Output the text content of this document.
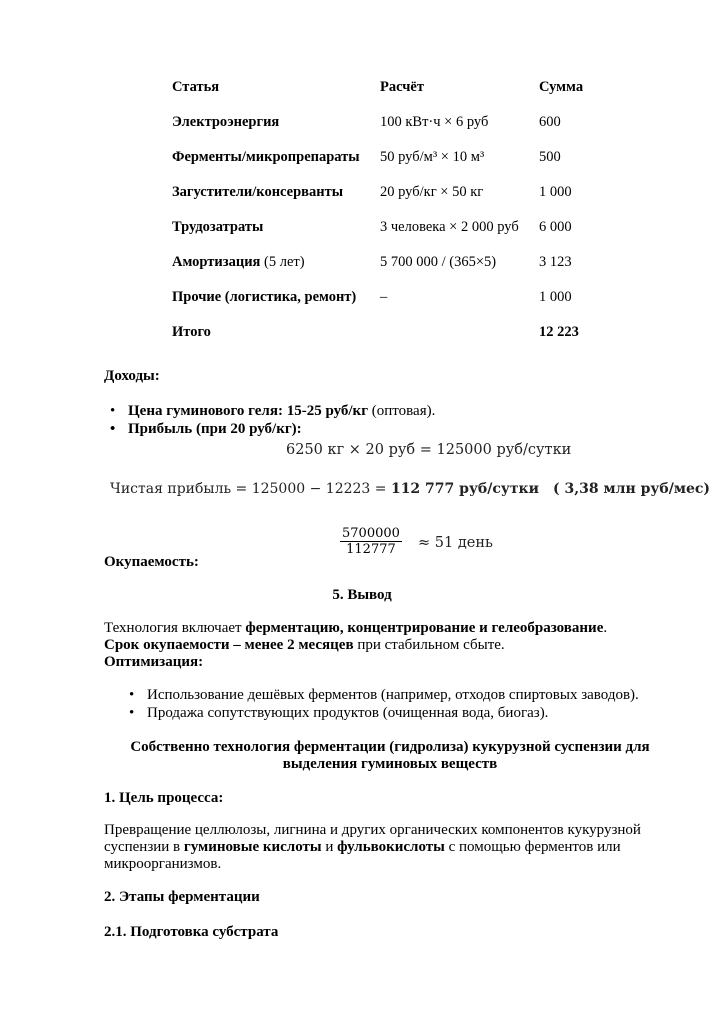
Статья	Расчёт	Сумма
Электроэнергия	100 кВт·ч × 6 руб	600
Ферменты/микропрепараты	50 руб/м³ × 10 м³	500
Загустители/консерванты	20 руб/кг × 50 кг	1 000
Трудозатраты	3 человека × 2 000 руб	6 000
Амортизация (5 лет)	5 700 000 / (365×5)	3 123
Прочие (логистика, ремонт)	–	1 000
Итого		12 223
Доходы:
• Цена гуминового геля: 15-25 руб/кг (оптовая).
• Прибыль (при 20 руб/кг):
6250 кг × 20 руб = 125000 руб/сутки
Чистая прибыль = 125000 − 12223 = 112 777 руб/сутки ( 3,38 млн руб/мес)
$\frac{5700000}{112777} \approx 51$ день
Окупаемость:
5. Вывод
Технология включает ферментацию, концентрирование и гелеобразование.
Срок окупаемости – менее 2 месяцев при стабильном сбыте.
Оптимизация:
• Использование дешёвых ферментов (например, отходов спиртовых заводов).
• Продажа сопутствующих продуктов (очищенная вода, биогаз).
Собственно технология ферментации (гидролиза) кукурузной суспензии для
выделения гуминовых веществ
1. Цель процесса:

Превращение целлюлозы, лигнина и других органических компонентов кукурузной суспензии в гуминовые кислоты и фульвокислоты с помощью ферментов или микроорганизмов.

2. Этапы ферментации
2.1. Подготовка субстрата
